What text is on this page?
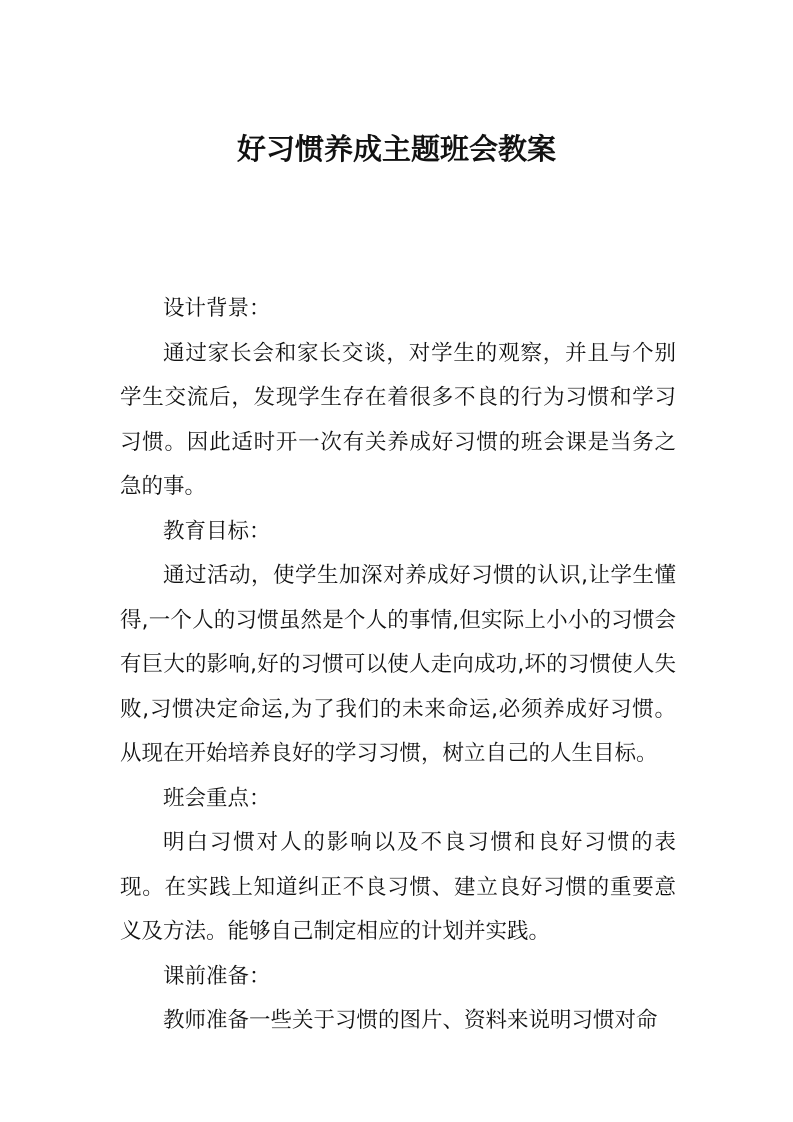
好习惯养成主题班会教案

设计背景：

通过家长会和家长交谈，对学生的观察，并且与个别学生交流后，发现学生存在着很多不良的行为习惯和学习习惯。因此适时开一次有关养成好习惯的班会课是当务之急的事。

教育目标：

通过活动，使学生加深对养成好习惯的认识,让学生懂得,一个人的习惯虽然是个人的事情,但实际上小小的习惯会有巨大的影响,好的习惯可以使人走向成功,坏的习惯使人失败,习惯决定命运,为了我们的未来命运,必须养成好习惯。从现在开始培养良好的学习习惯，树立自己的人生目标。

班会重点：

明白习惯对人的影响以及不良习惯和良好习惯的表现。在实践上知道纠正不良习惯、建立良好习惯的重要意义及方法。能够自己制定相应的计划并实践。

课前准备：

教师准备一些关于习惯的图片、资料来说明习惯对命
